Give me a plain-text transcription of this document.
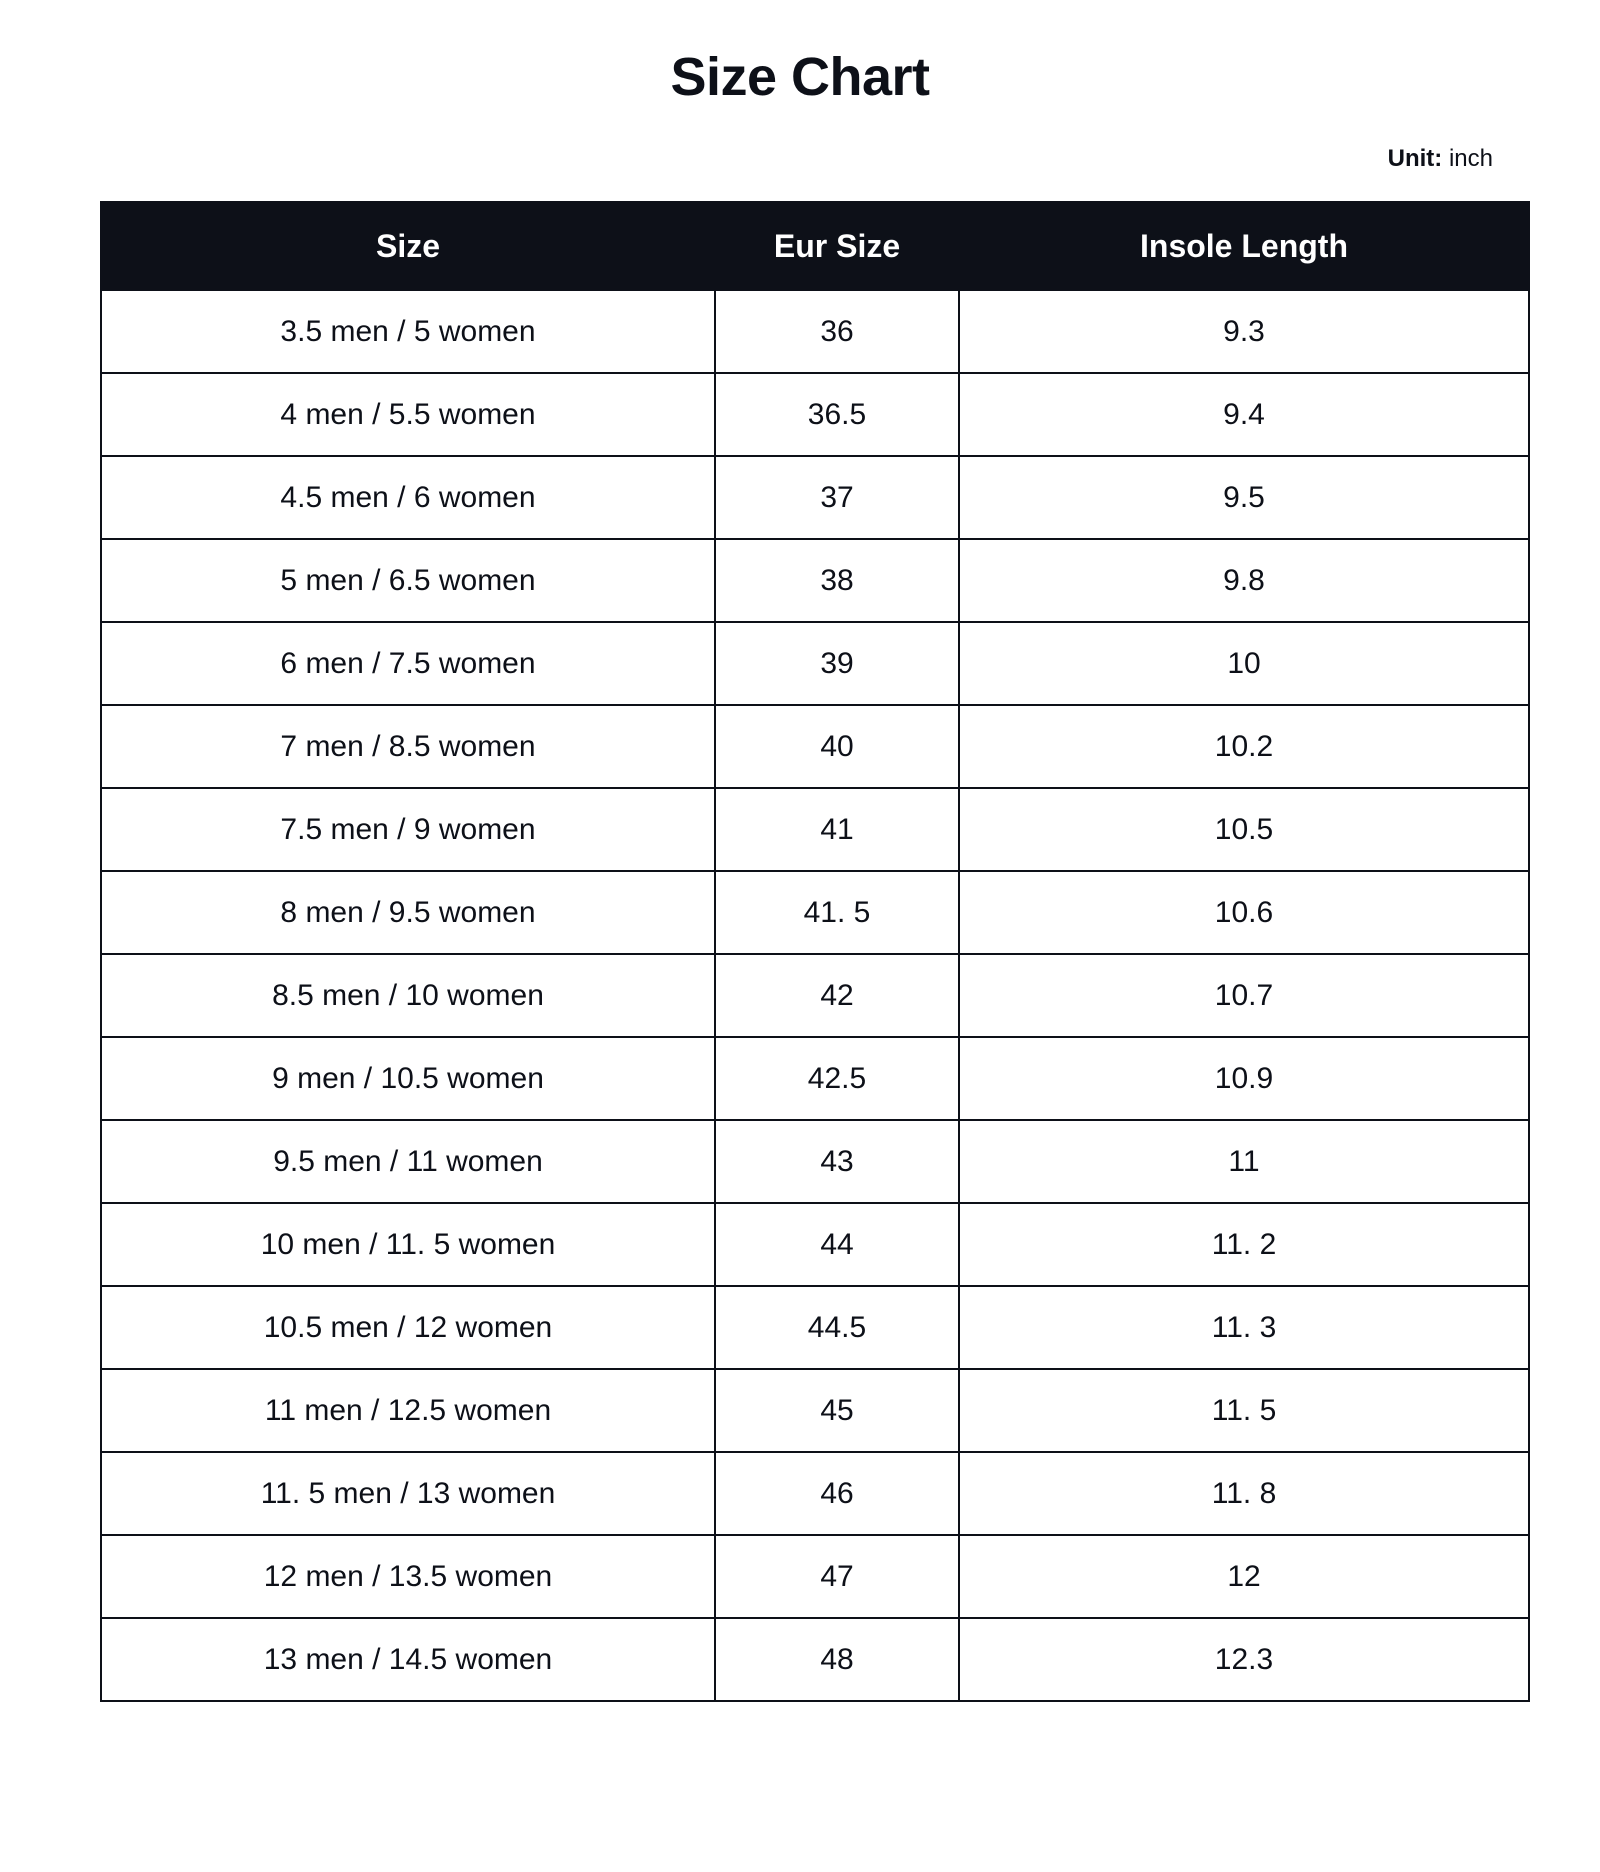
Size Chart
Unit: inch
Size	Eur Size	Insole Length
3.5 men / 5 women	36	9.3
4 men / 5.5 women	36.5	9.4
4.5 men / 6 women	37	9.5
5 men / 6.5 women	38	9.8
6 men / 7.5 women	39	10
7 men / 8.5 women	40	10.2
7.5 men / 9 women	41	10.5
8 men / 9.5 women	41. 5	10.6
8.5 men / 10 women	42	10.7
9 men / 10.5 women	42.5	10.9
9.5 men / 11 women	43	11
10 men / 11. 5 women	44	11. 2
10.5 men / 12 women	44.5	11. 3
11 men / 12.5 women	45	11. 5
11. 5 men / 13 women	46	11. 8
12 men / 13.5 women	47	12
13 men / 14.5 women	48	12.3
